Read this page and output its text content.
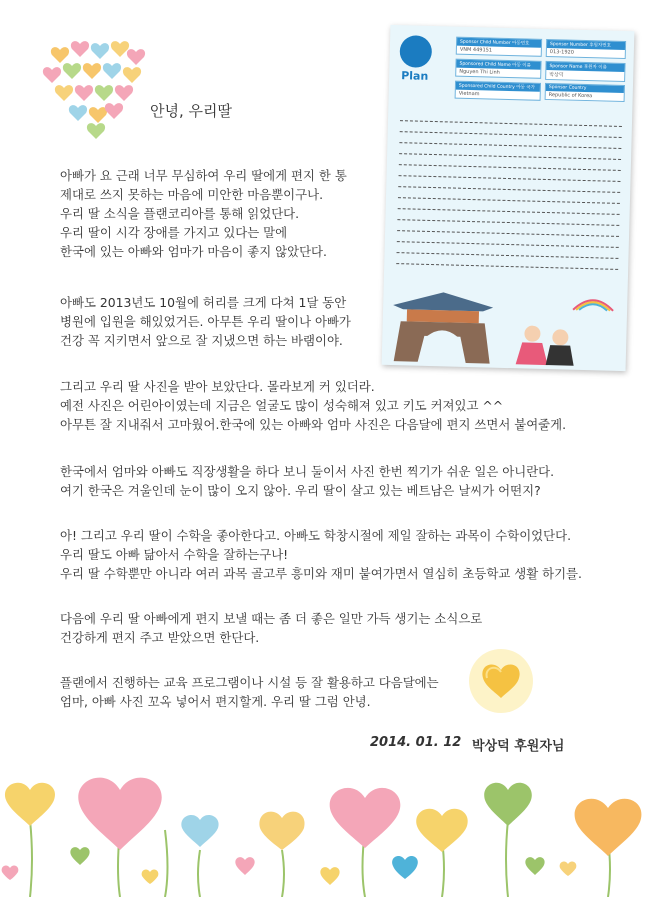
안녕, 우리딸
Plan
Sponsor Child Number 아동번호
VNM 449151
Sponsor Number 후원자번호
013-1920
Sponsored Child Name 아동 이름
Nguyen Thi Linh
Sponsor Name 후원자 이름
박상덕
Sponsored Child Country 아동 국가
Vietnam
Sponsor Country
Republic of Korea
아빠가 요 근래 너무 무심하여 우리 딸에게 편지 한 통
제대로 쓰지 못하는 마음에 미안한 마음뿐이구나.
우리 딸 소식을 플랜코리아를 통해 읽었단다.
우리 딸이 시각 장애를 가지고 있다는 말에
한국에 있는 아빠와 엄마가 마음이 좋지 않았단다.
아빠도 2013년도 10월에 허리를 크게 다쳐 1달 동안
병원에 입원을 해있었거든. 아무튼 우리 딸이나 아빠가
건강 꼭 지키면서 앞으로 잘 지냈으면 하는 바램이야.
그리고 우리 딸 사진을 받아 보았단다. 몰라보게 커 있더라.
예전 사진은 어린아이였는데 지금은 얼굴도 많이 성숙해져 있고 키도 커져있고 ^^
아무튼 잘 지내줘서 고마웠어.한국에 있는 아빠와 엄마 사진은 다음달에 편지 쓰면서 붙여줄게.
한국에서 엄마와 아빠도 직장생활을 하다 보니 둘이서 사진 한번 찍기가 쉬운 일은 아니란다.
여기 한국은 겨울인데 눈이 많이 오지 않아. 우리 딸이 살고 있는 베트남은 날씨가 어떤지?
아! 그리고 우리 딸이 수학을 좋아한다고. 아빠도 학창시절에 제일 잘하는 과목이 수학이었단다.
우리 딸도 아빠 닮아서 수학을 잘하는구나!
우리 딸 수학뿐만 아니라 여러 과목 골고루 흥미와 재미 붙여가면서 열심히 초등학교 생활 하기를.
다음에 우리 딸 아빠에게 편지 보낼 때는 좀 더 좋은 일만 가득 생기는 소식으로
건강하게 편지 주고 받았으면 한단다.
플랜에서 진행하는 교육 프로그램이나 시설 등 잘 활용하고 다음달에는
엄마, 아빠 사진 꼬옥 넣어서 편지할게. 우리 딸 그럼 안녕.
2014. 01. 12 박상덕 후원자님
